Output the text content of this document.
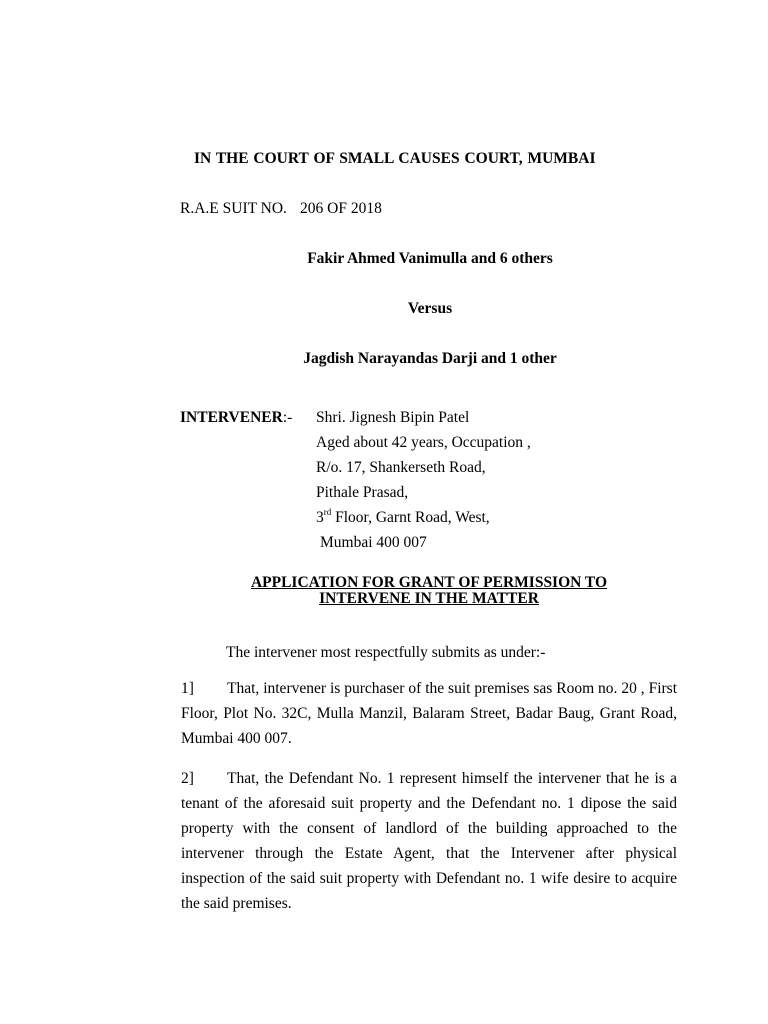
IN THE COURT OF SMALL CAUSES COURT, MUMBAI
R.A.E SUIT NO. 206 OF 2018
Fakir Ahmed Vanimulla and 6 others
Versus
Jagdish Narayandas Darji and 1 other
INTERVENER:- Shri. Jignesh Bipin Patel
Aged about 42 years, Occupation ,
R/o. 17, Shankerseth Road,
Pithale Prasad,
3rd Floor, Garnt Road, West,
Mumbai 400 007
APPLICATION FOR GRANT OF PERMISSION TO
INTERVENE IN THE MATTER
The intervener most respectfully submits as under:-
1] That, intervener is purchaser of the suit premises sas Room no. 20 , First Floor, Plot No. 32C, Mulla Manzil, Balaram Street, Badar Baug, Grant Road, Mumbai 400 007.
2] That, the Defendant No. 1 represent himself the intervener that he is a tenant of the aforesaid suit property and the Defendant no. 1 dipose the said property with the consent of landlord of the building approached to the intervener through the Estate Agent, that the Intervener after physical inspection of the said suit property with Defendant no. 1 wife desire to acquire the said premises.
